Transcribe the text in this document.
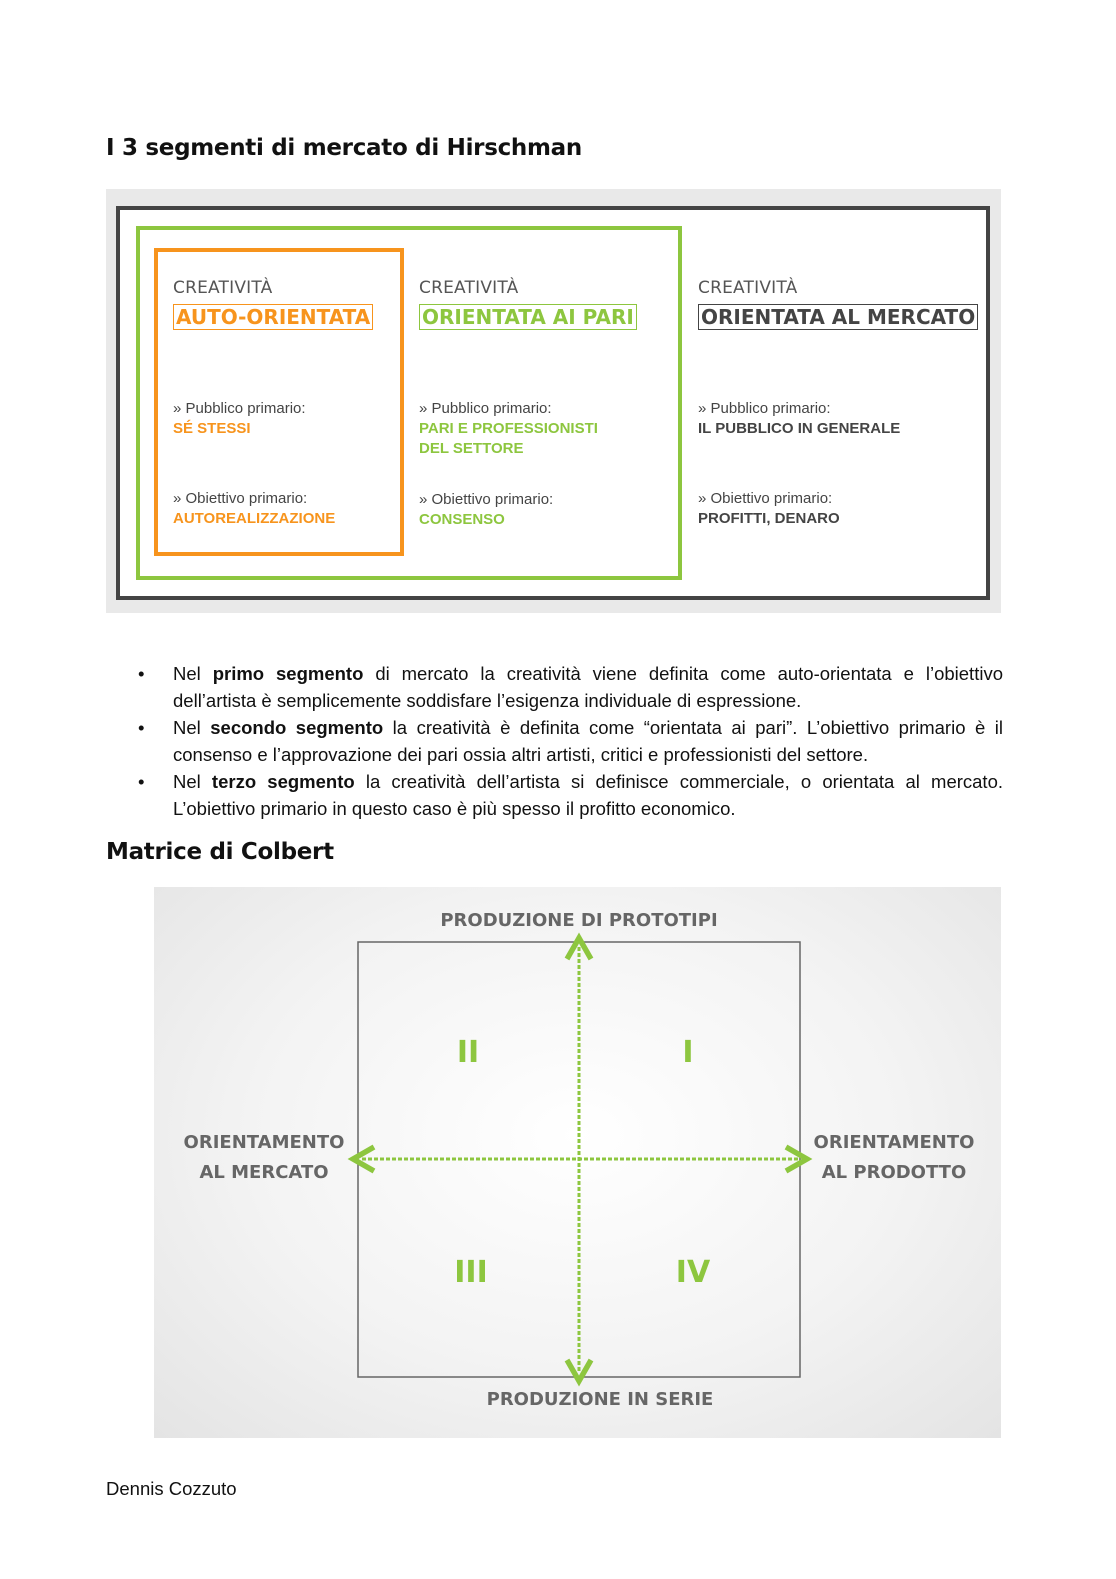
I 3 segmenti di mercato di Hirschman
CREATIVITÀ
AUTO-ORIENTATA
» Pubblico primario:
SÉ STESSI
» Obiettivo primario:
AUTOREALIZZAZIONE
CREATIVITÀ
ORIENTATA AI PARI
» Pubblico primario:
PARI E PROFESSIONISTI
DEL SETTORE
» Obiettivo primario:
CONSENSO
CREATIVITÀ
ORIENTATA AL MERCATO
» Pubblico primario:
IL PUBBLICO IN GENERALE
» Obiettivo primario:
PROFITTI, DENARO
• Nel primo segmento di mercato la creatività viene definita come auto-orientata e l’obiettivo dell’artista è semplicemente soddisfare l’esigenza individuale di espressione.
• Nel secondo segmento la creatività è definita come “orientata ai pari”. L’obiettivo primario è il consenso e l’approvazione dei pari ossia altri artisti, critici e professionisti del settore.
• Nel terzo segmento la creatività dell’artista si definisce commerciale, o orientata al mercato. L’obiettivo primario in questo caso è più spesso il profitto economico.
Matrice di Colbert
PRODUZIONE DI PROTOTIPI
PRODUZIONE IN SERIE
ORIENTAMENTO
AL MERCATO
ORIENTAMENTO
AL PRODOTTO
II	I
III	IV
Dennis Cozzuto
